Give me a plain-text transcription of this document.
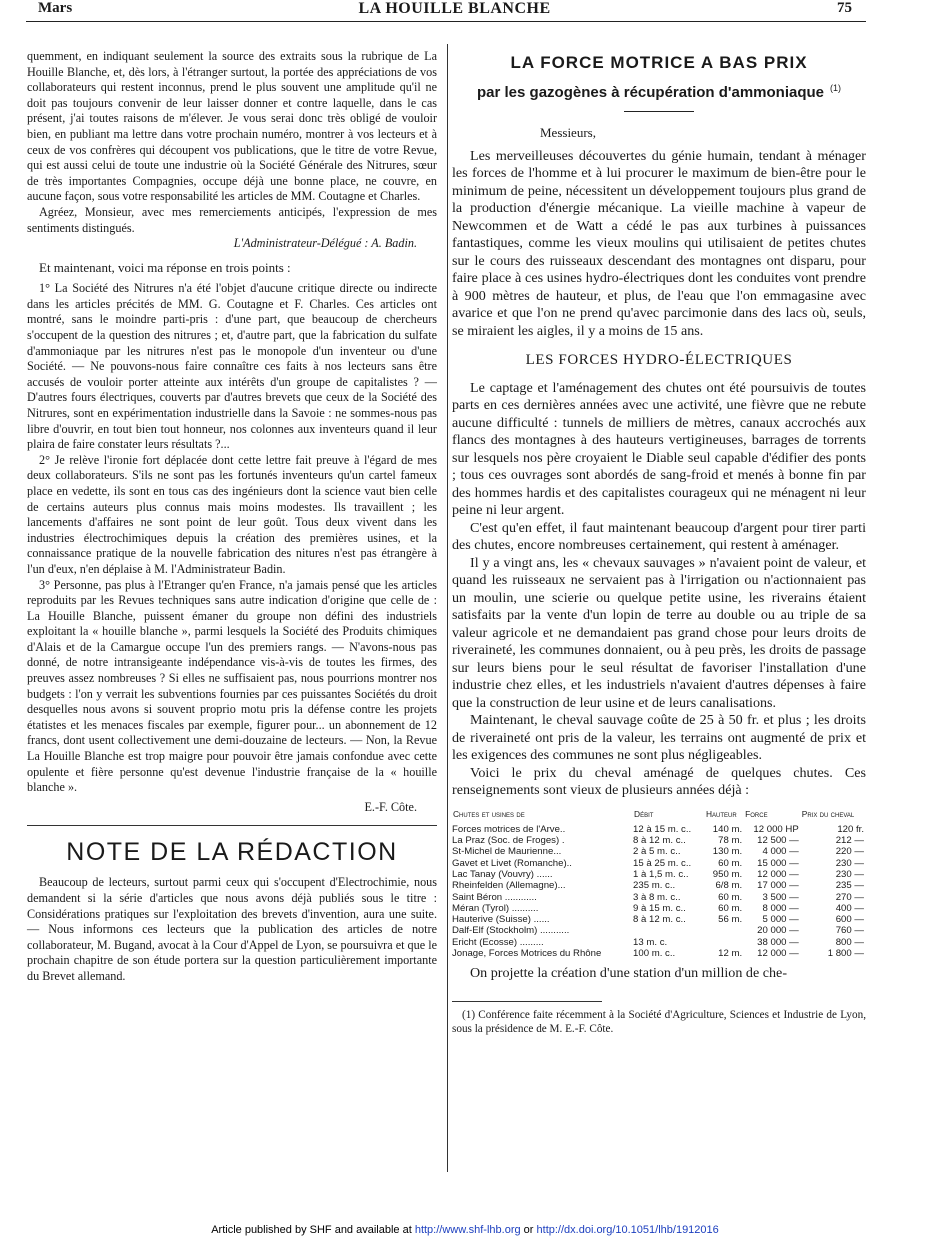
Mars	LA HOUILLE BLANCHE	75

quemment, en indiquant seulement la source des extraits sous la rubrique de La Houille Blanche, et, dès lors, à l'étranger surtout, la portée des appréciations de vos collaborateurs qui restent inconnus, prend le plus souvent une amplitude qu'il ne doit pas toujours convenir de leur laisser donner et contre laquelle, dans le cas présent, j'ai toutes raisons de m'élever. Je vous serai donc très obligé de vouloir bien, en publiant ma lettre dans votre prochain numéro, montrer à vos lecteurs et à ceux de vos confrères qui découpent vos publications, que le titre de votre Revue, qui est aussi celui de toute une industrie où la Société Générale des Nitrures, sœur de très importantes Compagnies, occupe déjà une bonne place, ne couvre, en aucune façon, sous votre responsabilité les articles de MM. Coutagne et Charles.

Agréez, Monsieur, avec mes remerciements anticipés, l'expression de mes sentiments distingués.

L'Administrateur-Délégué : A. Badin.

Et maintenant, voici ma réponse en trois points :

1° La Société des Nitrures n'a été l'objet d'aucune critique directe ou indirecte dans les articles précités de MM. G. Coutagne et F. Charles. Ces articles ont montré, sans le moindre parti-pris : d'une part, que beaucoup de chercheurs s'occupent de la question des nitrures ; et, d'autre part, que la fabrication du sulfate d'ammoniaque par les nitrures n'est pas le monopole d'un inventeur ou d'une Société. — Ne pouvons-nous faire connaître ces faits à nos lecteurs sans être accusés de vouloir porter atteinte aux intérêts d'un groupe de capitalistes ? — D'autres fours électriques, couverts par d'autres brevets que ceux de la Société des Nitrures, sont en expérimentation industrielle dans la Savoie : ne sommes-nous pas libre d'ouvrir, en tout bien tout honneur, nos colonnes aux inventeurs quand il leur plaira de faire constater leurs résultats ?...

2° Je relève l'ironie fort déplacée dont cette lettre fait preuve à l'égard de mes deux collaborateurs. S'ils ne sont pas les fortunés inventeurs qu'un cartel fameux place en vedette, ils sont en tous cas des ingénieurs dont la science vaut bien celle de certains auteurs plus connus mais moins modestes. Ils travaillent ; les lancements d'affaires ne sont point de leur goût. Tous deux vivent dans les industries électrochimiques depuis la création des premières usines, et la connaissance pratique de la nouvelle fabrication des nitures n'est pas étrangère à l'un d'eux, n'en déplaise à M. l'Administrateur Badin.

3° Personne, pas plus à l'Etranger qu'en France, n'a jamais pensé que les articles reproduits par les Revues techniques sans autre indication d'origine que celle de : La Houille Blanche, puissent émaner du groupe non défini des industriels exploitant la « houille blanche », parmi lesquels la Société des Produits chimiques d'Alais et de la Camargue occupe l'un des premiers rangs. — N'avons-nous pas donné, de notre intransigeante indépendance vis-à-vis de toutes les firmes, des preuves assez nombreuses ? Si elles ne suffisaient pas, nous pourrions montrer nos budgets : l'on y verrait les subventions fournies par ces puissantes Sociétés du droit desquelles nous avons si souvent proprio motu pris la défense contre les projets étatistes et les menaces fiscales par exemple, figurer pour... un abonnement de 12 francs, dont usent collectivement une demi-douzaine de lecteurs. — Non, la Revue La Houille Blanche est trop maigre pour pouvoir être jamais confondue avec cette opulente et fière personne qu'est devenue l'industrie française de la « houille blanche ».

E.-F. Côte.

NOTE DE LA RÉDACTION

Beaucoup de lecteurs, surtout parmi ceux qui s'occupent d'Electrochimie, nous demandent si la série d'articles que nous avons déjà publiés sous le titre : Considérations pratiques sur l'exploitation des brevets d'invention, aura une suite. — Nous informons ces lecteurs que la publication des articles de notre collaborateur, M. Bugand, avocat à la Cour d'Appel de Lyon, se poursuivra et que le prochain chapitre de son étude portera sur la question particulièrement importante du Brevet allemand.

LA FORCE MOTRICE A BAS PRIX
par les gazogènes à récupération d'ammoniaque $^{(1)}$

Messieurs,

Les merveilleuses découvertes du génie humain, tendant à ménager les forces de l'homme et à lui procurer le maximum de bien-être pour le minimum de peine, nécessitent un développement toujours plus grand de la production d'énergie mécanique. La vieille machine à vapeur de Newcommen et de Watt a cédé le pas aux turbines à puissances fantastiques, comme les vieux moulins qui utilisaient de petites chutes sur le cours des ruisseaux descendant des montagnes ont disparu, pour faire place à ces usines hydro-électriques dont les conduites vont prendre à 900 mètres de hauteur, et plus, de l'eau que l'on emmagasine avec avarice et que l'on ne prend qu'avec parcimonie dans des lacs où, seuls, se miraient les aigles, il y a moins de 15 ans.

LES FORCES HYDRO-ÉLECTRIQUES

Le captage et l'aménagement des chutes ont été poursuivis de toutes parts en ces dernières années avec une activité, une fièvre que ne rebute aucune difficulté : tunnels de milliers de mètres, canaux accrochés aux flancs des montagnes à des hauteurs vertigineuses, barrages de torrents sur lesquels nos père croyaient le Diable seul capable d'édifier des ponts ; tous ces ouvrages sont abordés de sang-froid et menés à bonne fin par des hommes hardis et des capitalistes courageux qui ne ménagent ni leur peine ni leur argent.

C'est qu'en effet, il faut maintenant beaucoup d'argent pour tirer parti des chutes, encore nombreuses certainement, qui restent à aménager.

Il y a vingt ans, les « chevaux sauvages » n'avaient point de valeur, et quand les ruisseaux ne servaient pas à l'irrigation ou n'actionnaient pas un moulin, une scierie ou quelque petite usine, les riverains étaient satisfaits par la vente d'un lopin de terre au double ou au triple de sa valeur agricole et ne demandaient pas grand chose pour leurs droits de riveraineté, les communes donnaient, ou à peu près, les droits de passage sur leurs biens pour le seul résultat de favoriser l'installation d'une industrie chez elles, et les industriels n'avaient d'autres dépenses à faire que la construction de leur usine et de leurs canalisations.

Maintenant, le cheval sauvage coûte de 25 à 50 fr. et plus ; les droits de riveraineté ont pris de la valeur, les terrains ont augmenté de prix et les exigences des communes ne sont plus négligeables.

Voici le prix du cheval aménagé de quelques chutes. Ces renseignements sont vieux de plusieurs années déjà :

Chutes et usines de	Débit	Hauteur	Force	Prix du cheval
Forces motrices de l'Arve..	12 à 15 m. c..	140 m.	12 000 HP	120 fr.
La Praz (Soc. de Froges) .	8 à 12 m. c..	78 m.	12 500 —	212 —
St-Michel de Maurienne...	2 à 5 m. c..	130 m.	4 000 —	220 —
Gavet et Livet (Romanche)..	15 à 25 m. c..	60 m.	15 000 —	230 —
Lac Tanay (Vouvry) ......	1 à 1,5 m. c..	950 m.	12 000 —	230 —
Rheinfelden (Allemagne)...	235 m. c..	6/8 m.	17 000 —	235 —
Saint Béron ............	3 à 8 m. c..	60 m.	3 500 —	270 —
Méran (Tyrol) ..........	9 à 15 m. c..	60 m.	8 000 —	400 —
Hauterive (Suisse) ......	8 à 12 m. c..	56 m.	5 000 —	600 —
Dalf-Elf (Stockholm) ...........			20 000 —	760 —
Ericht (Ecosse) .........	13 m. c.		38 000 —	800 —
Jonage, Forces Motrices du Rhône	100 m. c..	12 m.	12 000 —	1 800 —

On projette la création d'une station d'un million de che-

(1) Conférence faite récemment à la Société d'Agriculture, Sciences et Industrie de Lyon, sous la présidence de M. E.-F. Côte.

Article published by SHF and available at http://www.shf-lhb.org or http://dx.doi.org/10.1051/lhb/1912016
